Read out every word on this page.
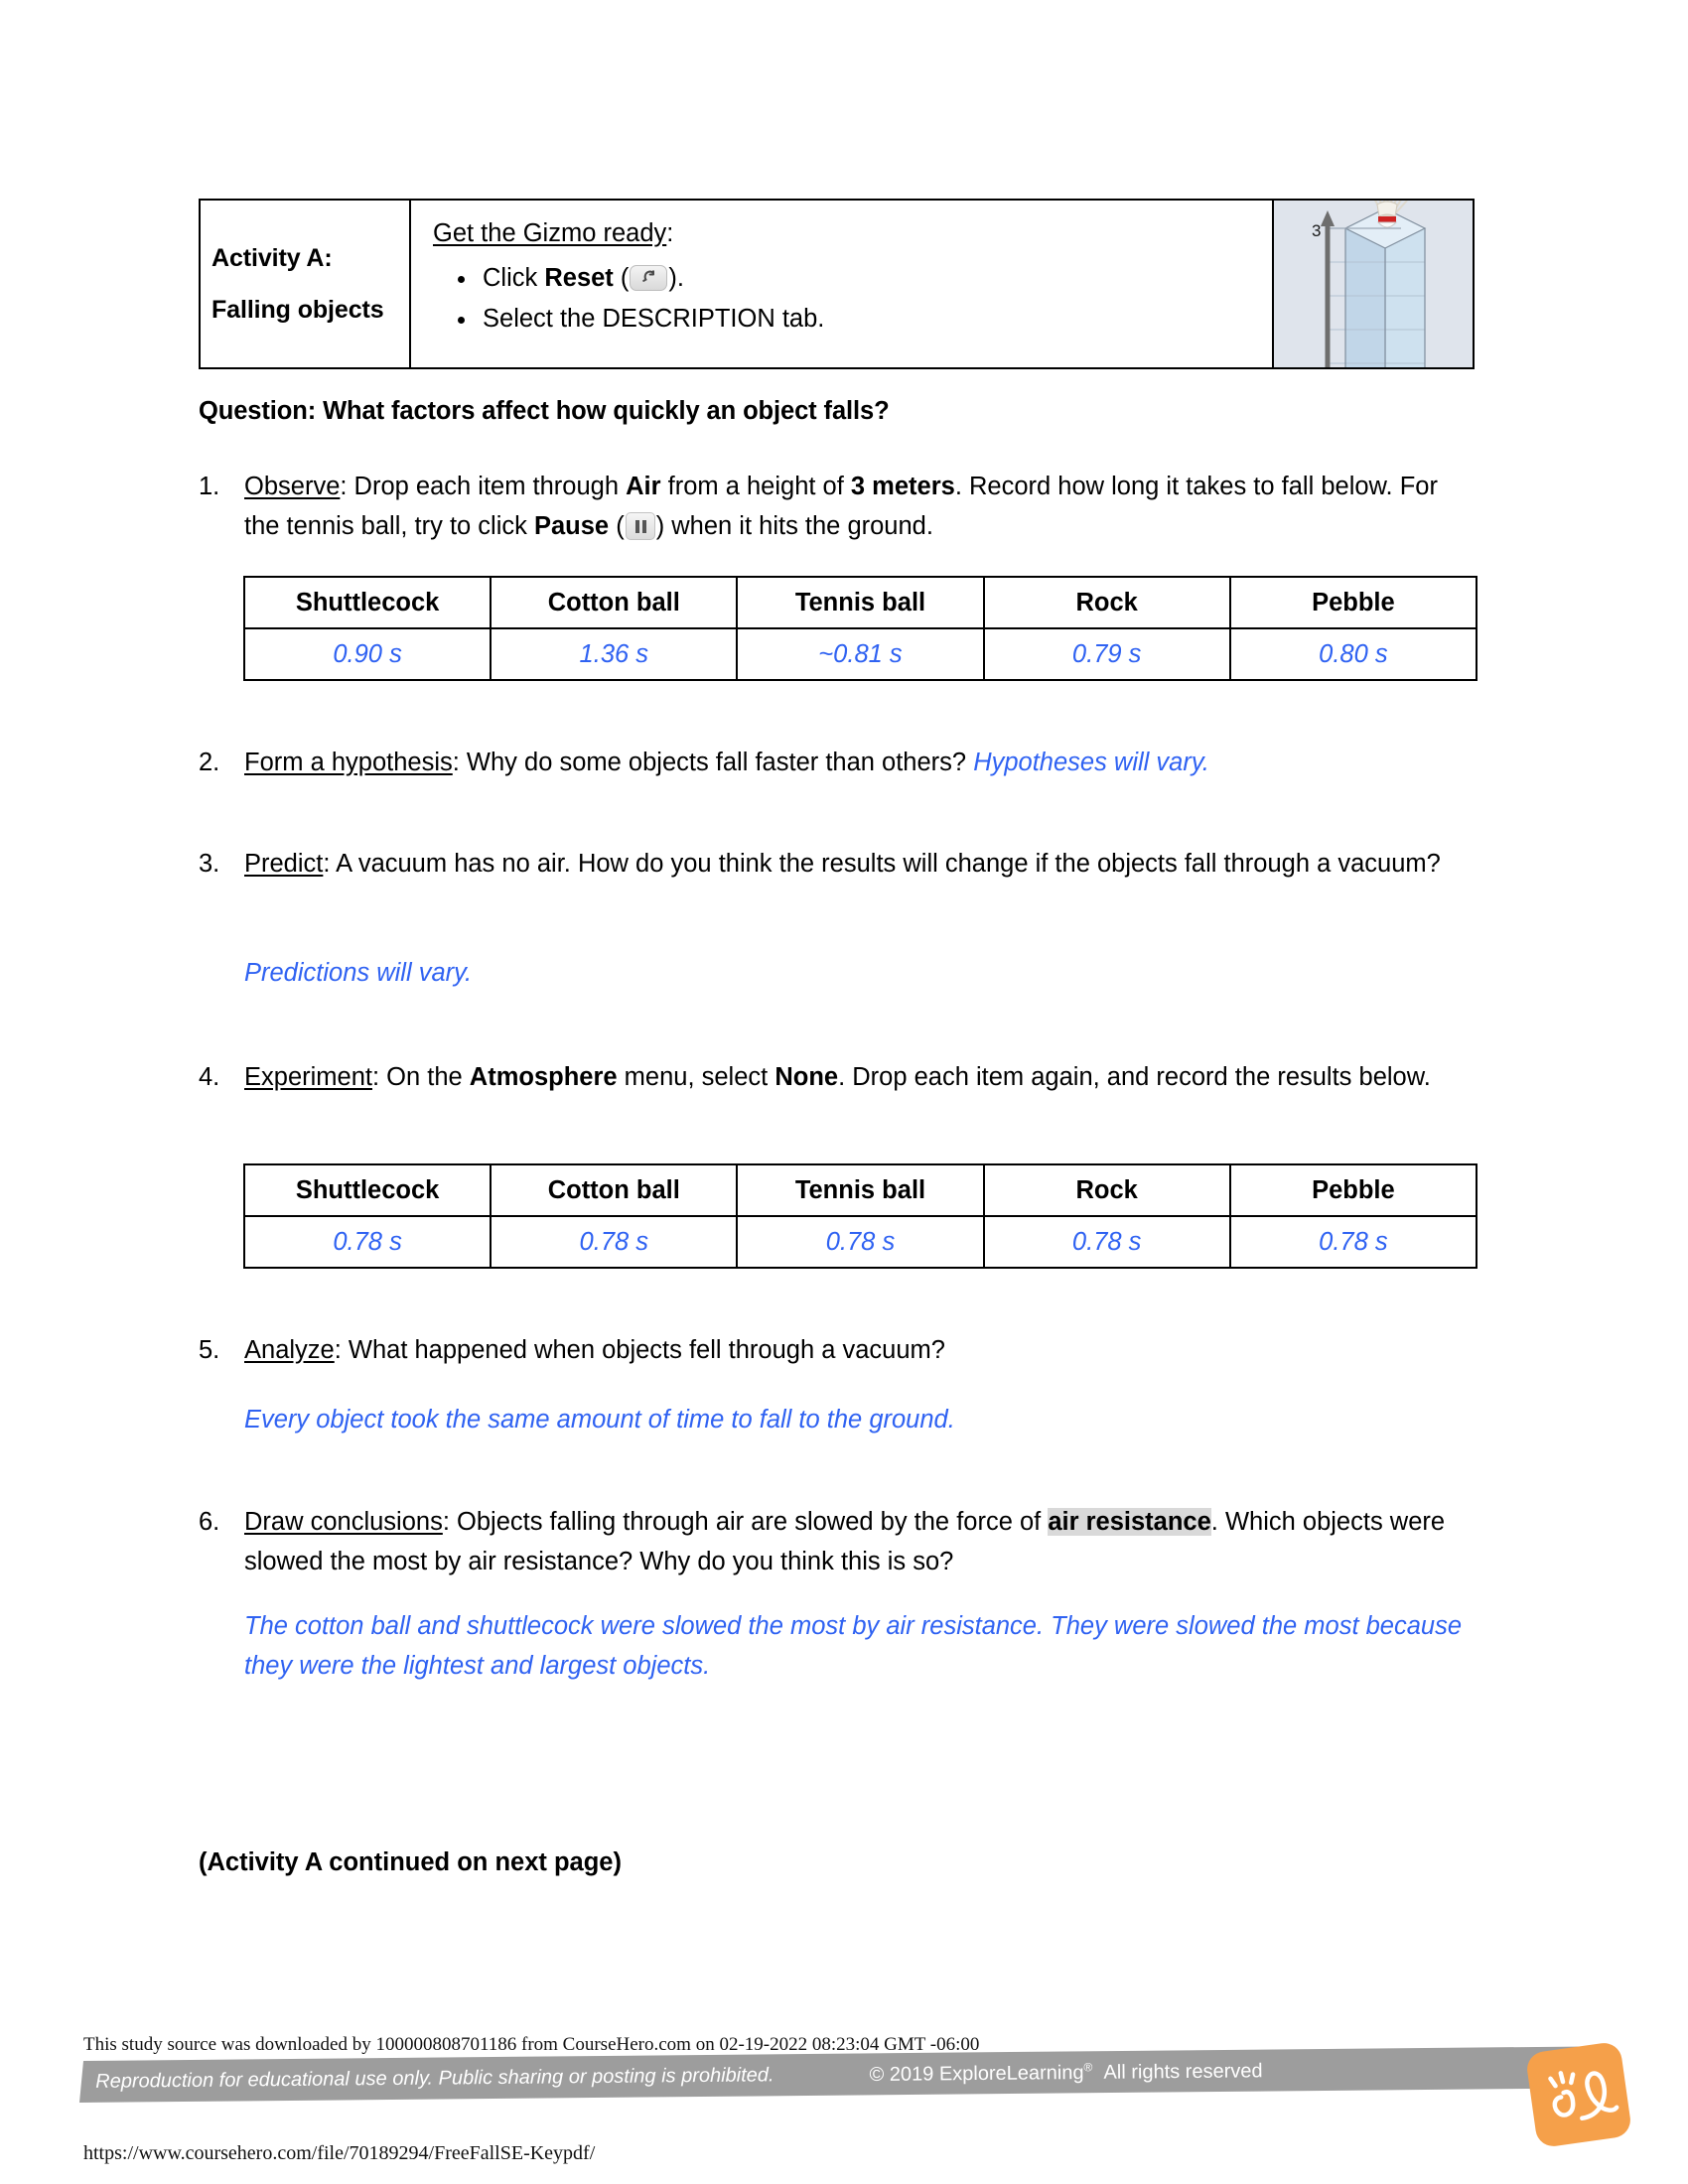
Activity A:
Falling objects
Get the Gizmo ready:
• Click Reset ( ).
• Select the DESCRIPTION tab.
3
Question: What factors affect how quickly an object falls?
1. Observe: Drop each item through Air from a height of 3 meters. Record how long it takes to fall below. For the tennis ball, try to click Pause ( ) when it hits the ground.
Shuttlecock	Cotton ball	Tennis ball	Rock	Pebble
0.90 s	1.36 s	~0.81 s	0.79 s	0.80 s
2. Form a hypothesis: Why do some objects fall faster than others? Hypotheses will vary.
3. Predict: A vacuum has no air. How do you think the results will change if the objects fall through a vacuum?
Predictions will vary.
4. Experiment: On the Atmosphere menu, select None. Drop each item again, and record the results below.
Shuttlecock	Cotton ball	Tennis ball	Rock	Pebble
0.78 s	0.78 s	0.78 s	0.78 s	0.78 s
5. Analyze: What happened when objects fell through a vacuum?
Every object took the same amount of time to fall to the ground.
6. Draw conclusions: Objects falling through air are slowed by the force of air resistance. Which objects were slowed the most by air resistance? Why do you think this is so?
The cotton ball and shuttlecock were slowed the most by air resistance. They were slowed the most because they were the lightest and largest objects.
(Activity A continued on next page)
This study source was downloaded by 100000808701186 from CourseHero.com on 02-19-2022 08:23:04 GMT -06:00
Reproduction for educational use only. Public sharing or posting is prohibited.	© 2019 ExploreLearning® All rights reserved
https://www.coursehero.com/file/70189294/FreeFallSE-Keypdf/
